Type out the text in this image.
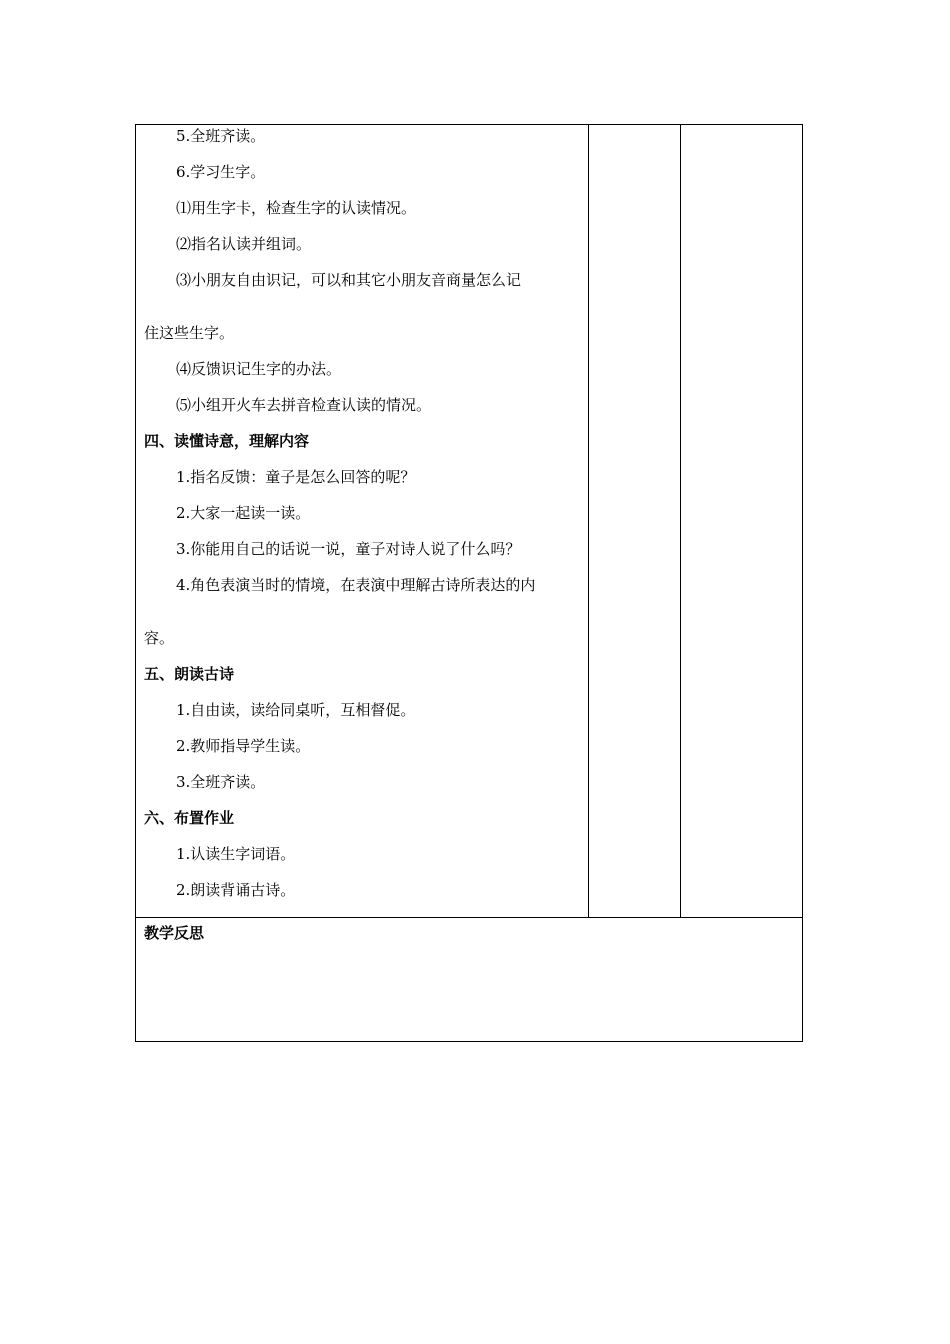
5.全班齐读。

6.学习生字。

⑴用生字卡，检查生字的认读情况。

⑵指名认读并组词。

⑶小朋友自由识记，可以和其它小朋友音商量怎么记

住这些生字。

⑷反馈识记生字的办法。

⑸小组开火车去拼音检查认读的情况。

四、读懂诗意，理解内容

1.指名反馈：童子是怎么回答的呢？

2.大家一起读一读。

3.你能用自己的话说一说，童子对诗人说了什么吗？

4.角色表演当时的情境，在表演中理解古诗所表达的内

容。

五、朗读古诗

1.自由读，读给同桌听，互相督促。

2.教师指导学生读。

3.全班齐读。

六、布置作业

1.认读生字词语。

2.朗读背诵古诗。

教学反思
